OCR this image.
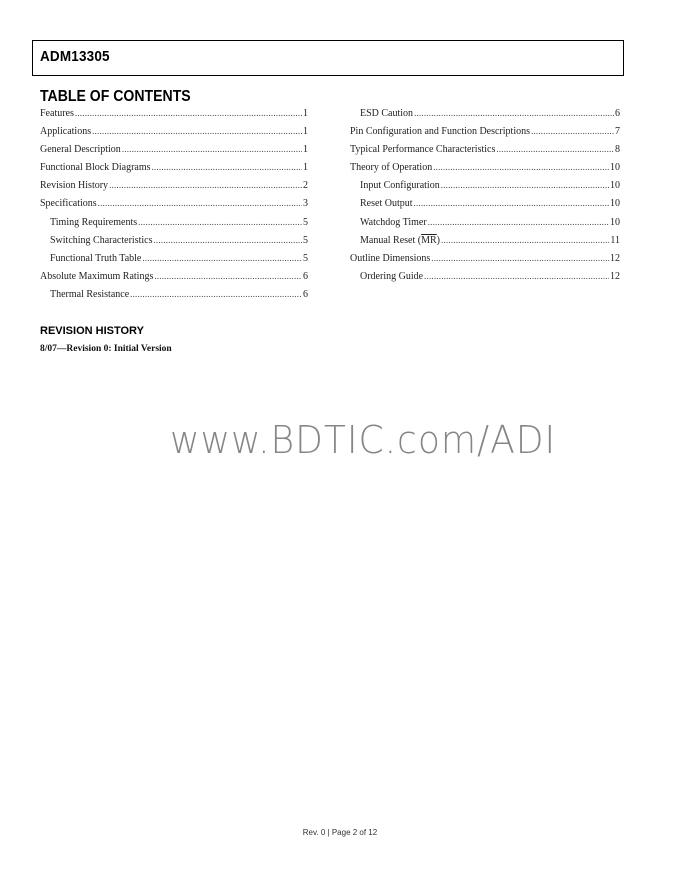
ADM13305
TABLE OF CONTENTS
Features .....	1
Applications .....	1
General Description .....	1
Functional Block Diagrams .....	1
Revision History .....	2
Specifications .....	3
Timing Requirements .....	5
Switching Characteristics .....	5
Functional Truth Table .....	5
Absolute Maximum Ratings .....	6
Thermal Resistance .....	6
ESD Caution .....	6
Pin Configuration and Function Descriptions .....	7
Typical Performance Characteristics .....	8
Theory of Operation .....	10
Input Configuration .....	10
Reset Output .....	10
Watchdog Timer .....	10
Manual Reset $(\overline{MR})$ .....	11
Outline Dimensions .....	12
Ordering Guide .....	12
REVISION HISTORY
8/07—Revision 0: Initial Version
www.BDTIC.com/ADI
Rev. 0 | Page 2 of 12
